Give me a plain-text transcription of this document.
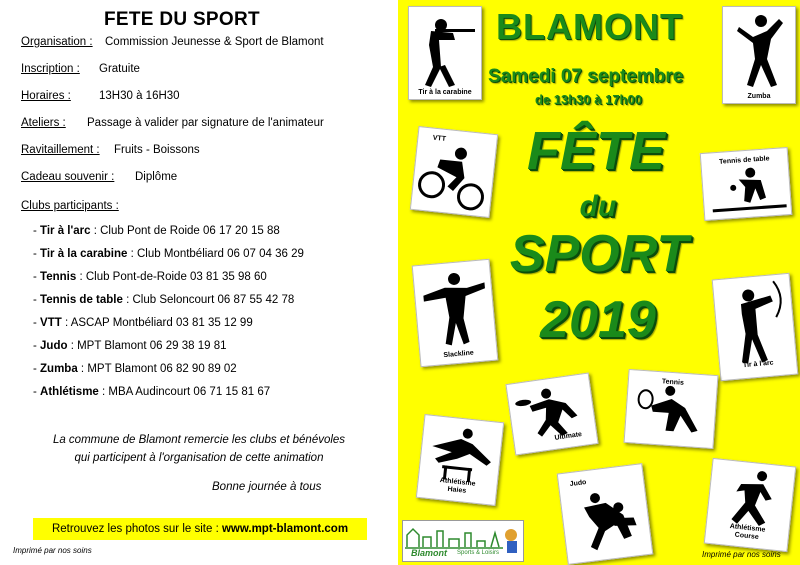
FETE DU SPORT
Organisation : Commission Jeunesse & Sport de Blamont
Inscription : Gratuite
Horaires : 13H30 à 16H30
Ateliers : Passage à valider par signature de l'animateur
Ravitaillement : Fruits - Boissons
Cadeau souvenir : Diplôme
Clubs participants :
- Tir à l'arc : Club Pont de Roide 06 17 20 15 88
- Tir à la carabine : Club Montbéliard 06 07 04 36 29
- Tennis : Club Pont-de-Roide 03 81 35 98 60
- Tennis de table : Club Seloncourt 06 87 55 42 78
- VTT : ASCAP Montbéliard 03 81 35 12 99
- Judo : MPT Blamont 06 29 38 19 81
- Zumba : MPT Blamont 06 82 90 89 02
- Athlétisme : MBA Audincourt 06 71 15 81 67
La commune de Blamont remercie les clubs et bénévoles
qui participent à l'organisation de cette animation
Bonne journée à tous
Retrouvez les photos sur le site : www.mpt-blamont.com
Imprimé par nos soins
BLAMONT
Samedi 07 septembre
de 13h30 à 17h00
FÊTE
du
SPORT
2019
Tir à la carabine
Zumba
VTT
Tennis de table
Slackline
Tir à l'arc
Ultimate
Tennis
Athlétisme
Haies
Judo
Athlétisme
Course
Imprimé par nos soins
Blamont Sports & Loisirs
